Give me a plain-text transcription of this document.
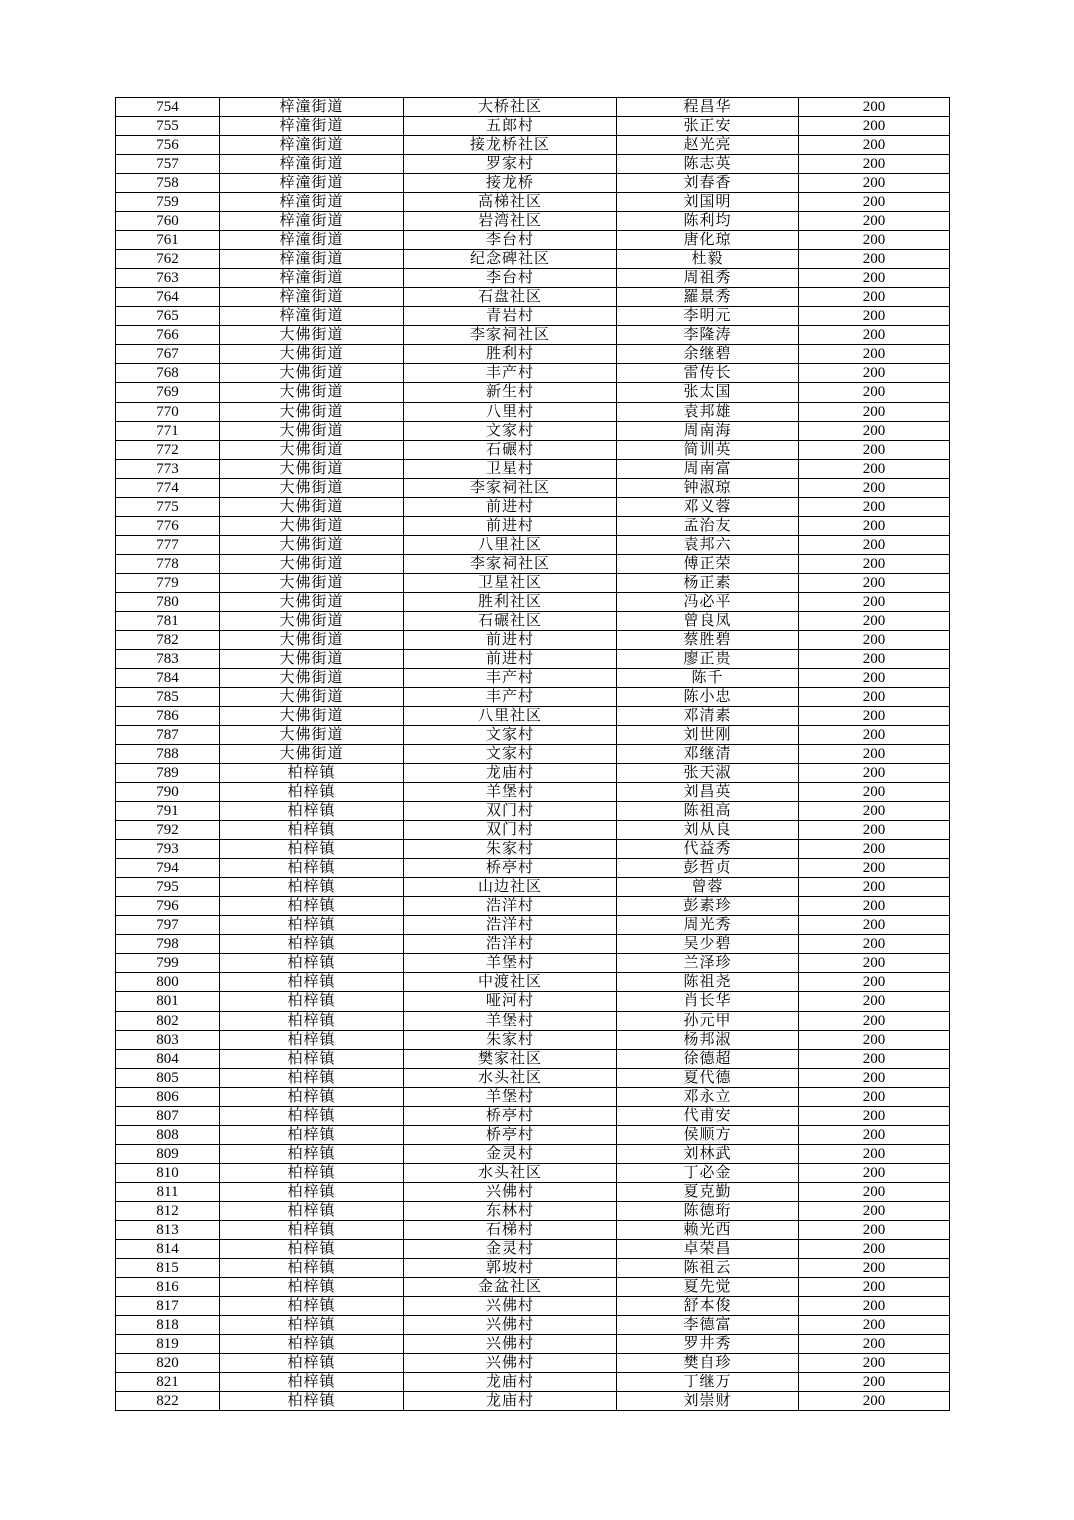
754	梓潼街道	大桥社区	程昌华	200
755	梓潼街道	五郎村	张正安	200
756	梓潼街道	接龙桥社区	赵光亮	200
757	梓潼街道	罗家村	陈志英	200
758	梓潼街道	接龙桥	刘春香	200
759	梓潼街道	高梯社区	刘国明	200
760	梓潼街道	岩湾社区	陈利均	200
761	梓潼街道	李台村	唐化琼	200
762	梓潼街道	纪念碑社区	杜毅	200
763	梓潼街道	李台村	周祖秀	200
764	梓潼街道	石盘社区	羅景秀	200
765	梓潼街道	青岩村	李明元	200
766	大佛街道	李家祠社区	李隆涛	200
767	大佛街道	胜利村	余继碧	200
768	大佛街道	丰产村	雷传长	200
769	大佛街道	新生村	张太国	200
770	大佛街道	八里村	袁邦雄	200
771	大佛街道	文家村	周南海	200
772	大佛街道	石碾村	简训英	200
773	大佛街道	卫星村	周南富	200
774	大佛街道	李家祠社区	钟淑琼	200
775	大佛街道	前进村	邓义蓉	200
776	大佛街道	前进村	孟治友	200
777	大佛街道	八里社区	袁邦六	200
778	大佛街道	李家祠社区	傅正荣	200
779	大佛街道	卫星社区	杨正素	200
780	大佛街道	胜利社区	冯必平	200
781	大佛街道	石碾社区	曾良凤	200
782	大佛街道	前进村	蔡胜碧	200
783	大佛街道	前进村	廖正贵	200
784	大佛街道	丰产村	陈千	200
785	大佛街道	丰产村	陈小忠	200
786	大佛街道	八里社区	邓清素	200
787	大佛街道	文家村	刘世刚	200
788	大佛街道	文家村	邓继清	200
789	柏梓镇	龙庙村	张天淑	200
790	柏梓镇	羊堡村	刘昌英	200
791	柏梓镇	双门村	陈祖高	200
792	柏梓镇	双门村	刘从良	200
793	柏梓镇	朱家村	代益秀	200
794	柏梓镇	桥亭村	彭哲贞	200
795	柏梓镇	山边社区	曾蓉	200
796	柏梓镇	浩洋村	彭素珍	200
797	柏梓镇	浩洋村	周光秀	200
798	柏梓镇	浩洋村	吴少碧	200
799	柏梓镇	羊堡村	兰泽珍	200
800	柏梓镇	中渡社区	陈祖尧	200
801	柏梓镇	哑河村	肖长华	200
802	柏梓镇	羊堡村	孙元甲	200
803	柏梓镇	朱家村	杨邦淑	200
804	柏梓镇	樊家社区	徐德超	200
805	柏梓镇	水头社区	夏代德	200
806	柏梓镇	羊堡村	邓永立	200
807	柏梓镇	桥亭村	代甫安	200
808	柏梓镇	桥亭村	侯顺方	200
809	柏梓镇	金灵村	刘林武	200
810	柏梓镇	水头社区	丁必金	200
811	柏梓镇	兴佛村	夏克勤	200
812	柏梓镇	东林村	陈德珩	200
813	柏梓镇	石梯村	赖光西	200
814	柏梓镇	金灵村	卓荣昌	200
815	柏梓镇	郭坡村	陈祖云	200
816	柏梓镇	金盆社区	夏先觉	200
817	柏梓镇	兴佛村	舒本俊	200
818	柏梓镇	兴佛村	李德富	200
819	柏梓镇	兴佛村	罗井秀	200
820	柏梓镇	兴佛村	樊自珍	200
821	柏梓镇	龙庙村	丁继万	200
822	柏梓镇	龙庙村	刘崇财	200
